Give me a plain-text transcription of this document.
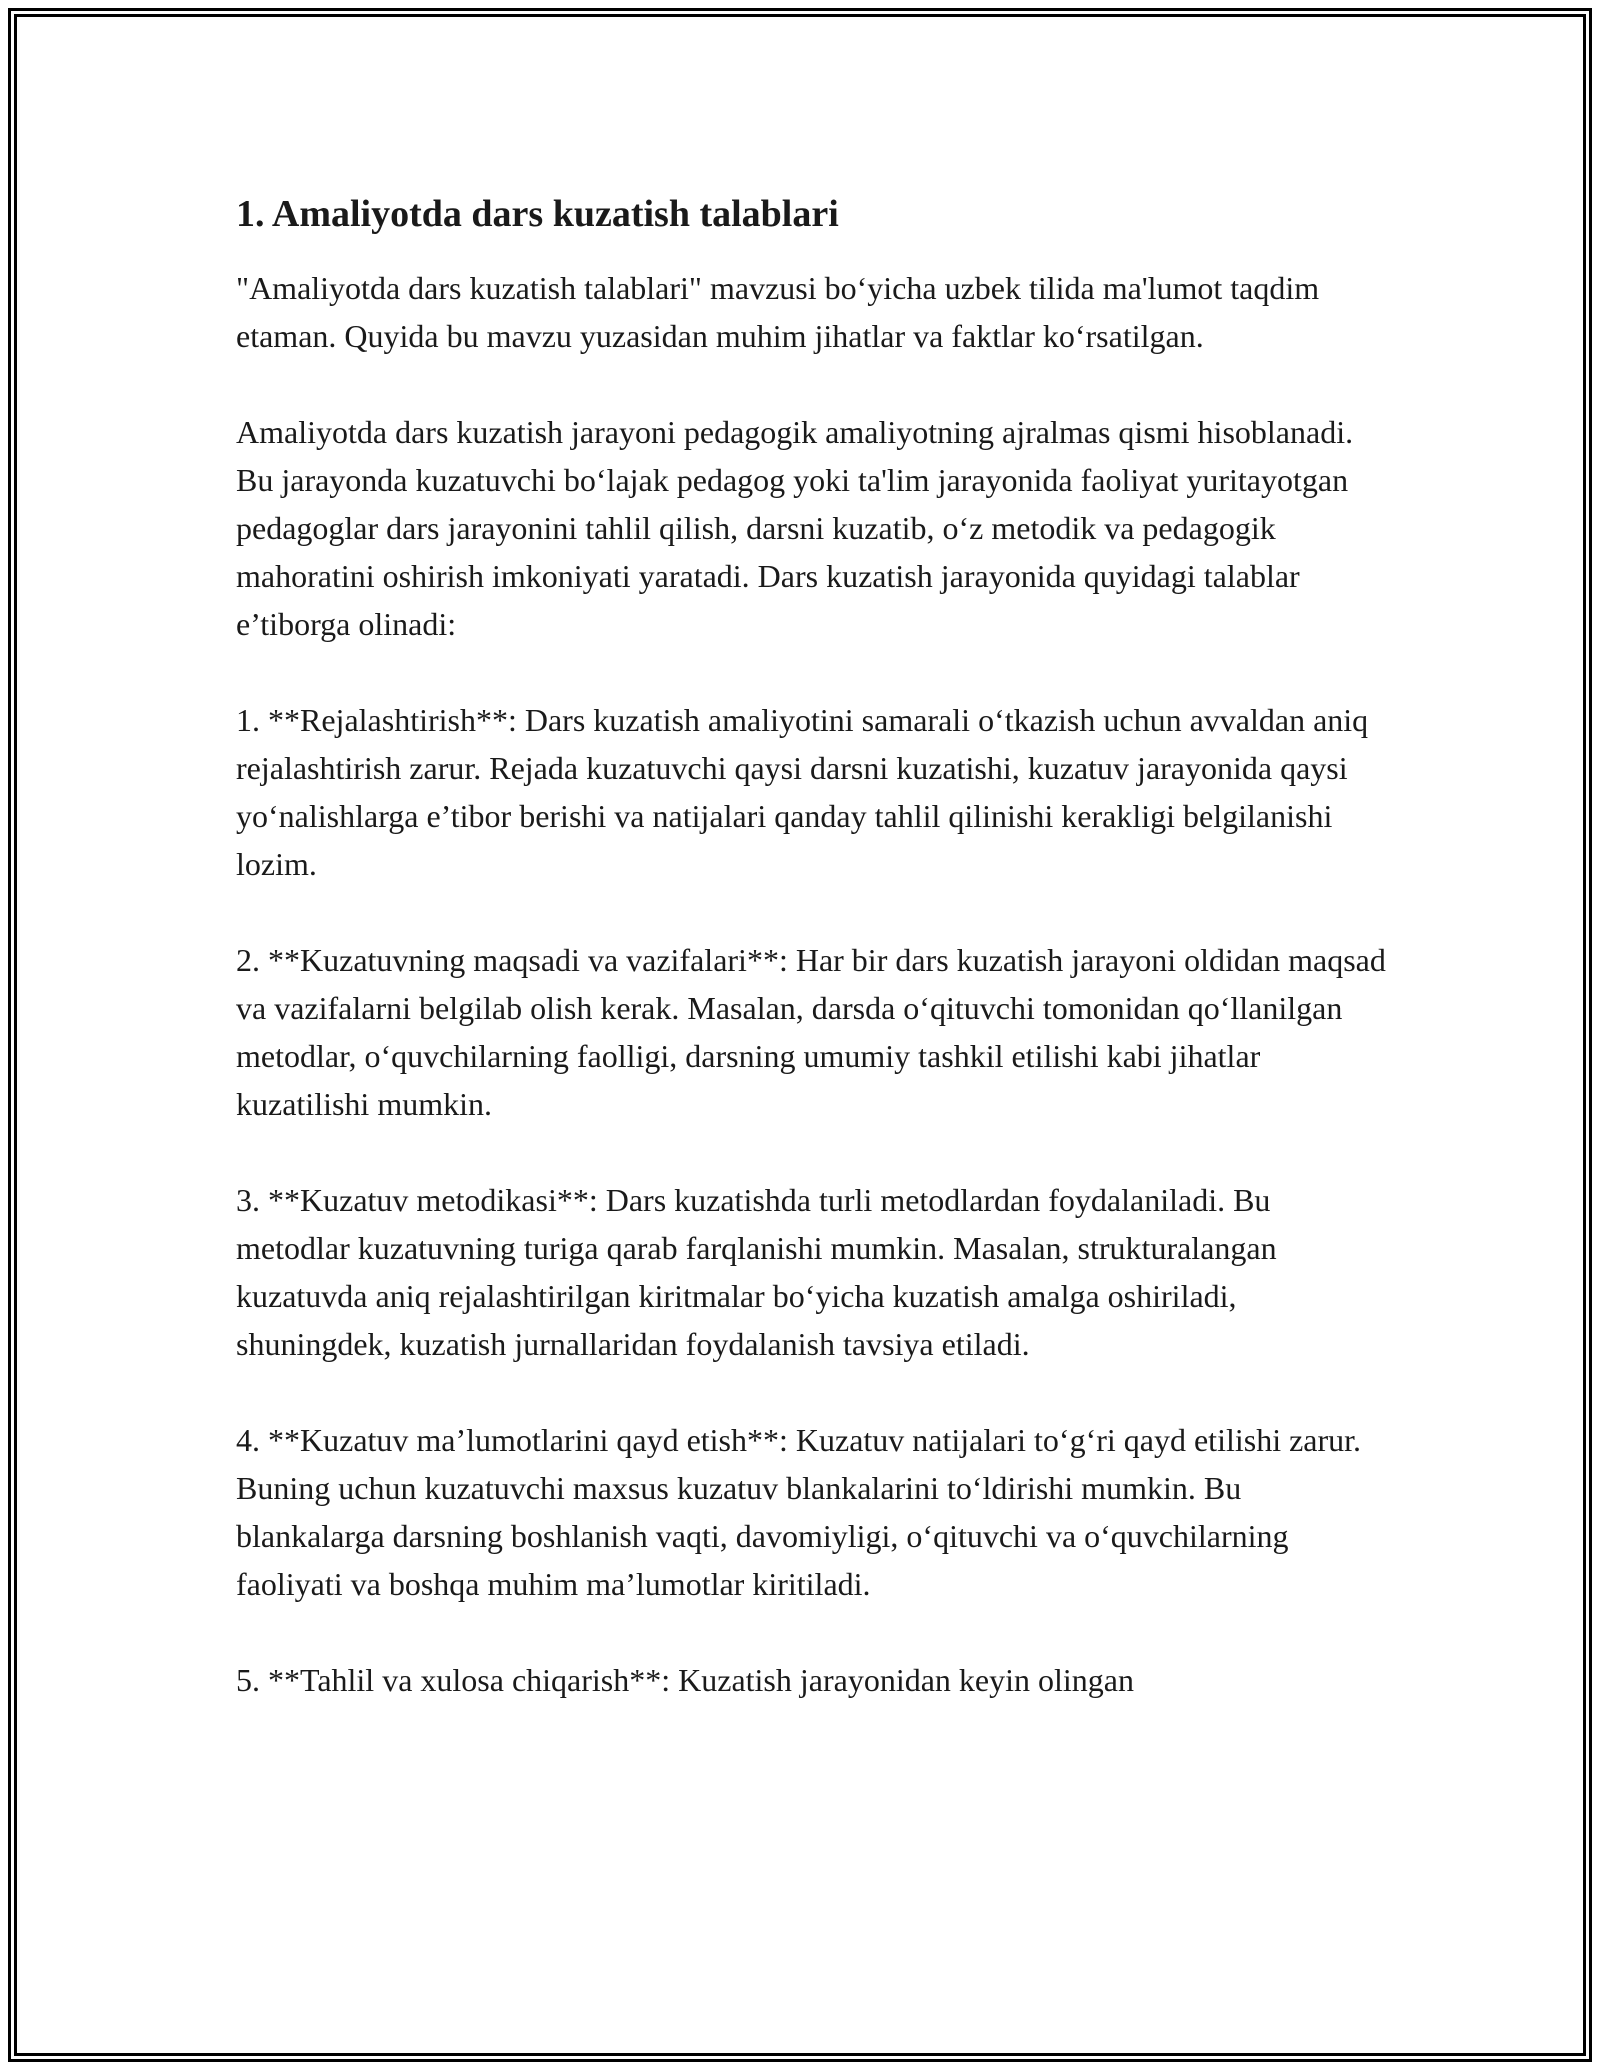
1. Amaliyotda dars kuzatish talablari

"Amaliyotda dars kuzatish talablari" mavzusi bo‘yicha uzbek tilida ma'lumot taqdim etaman. Quyida bu mavzu yuzasidan muhim jihatlar va faktlar ko‘rsatilgan.

Amaliyotda dars kuzatish jarayoni pedagogik amaliyotning ajralmas qismi hisoblanadi. Bu jarayonda kuzatuvchi bo‘lajak pedagog yoki ta'lim jarayonida faoliyat yuritayotgan pedagoglar dars jarayonini tahlil qilish, darsni kuzatib, o‘z metodik va pedagogik mahoratini oshirish imkoniyati yaratadi. Dars kuzatish jarayonida quyidagi talablar e’tiborga olinadi:

1. **Rejalashtirish**: Dars kuzatish amaliyotini samarali o‘tkazish uchun avvaldan aniq rejalashtirish zarur. Rejada kuzatuvchi qaysi darsni kuzatishi, kuzatuv jarayonida qaysi yo‘nalishlarga e’tibor berishi va natijalari qanday tahlil qilinishi kerakligi belgilanishi lozim.

2. **Kuzatuvning maqsadi va vazifalari**: Har bir dars kuzatish jarayoni oldidan maqsad va vazifalarni belgilab olish kerak. Masalan, darsda o‘qituvchi tomonidan qo‘llanilgan metodlar, o‘quvchilarning faolligi, darsning umumiy tashkil etilishi kabi jihatlar kuzatilishi mumkin.

3. **Kuzatuv metodikasi**: Dars kuzatishda turli metodlardan foydalaniladi. Bu metodlar kuzatuvning turiga qarab farqlanishi mumkin. Masalan, strukturalangan kuzatuvda aniq rejalashtirilgan kiritmalar bo‘yicha kuzatish amalga oshiriladi, shuningdek, kuzatish jurnallaridan foydalanish tavsiya etiladi.

4. **Kuzatuv ma’lumotlarini qayd etish**: Kuzatuv natijalari to‘g‘ri qayd etilishi zarur. Buning uchun kuzatuvchi maxsus kuzatuv blankalarini to‘ldirishi mumkin. Bu blankalarga darsning boshlanish vaqti, davomiyligi, o‘qituvchi va o‘quvchilarning faoliyati va boshqa muhim ma’lumotlar kiritiladi.

5. **Tahlil va xulosa chiqarish**: Kuzatish jarayonidan keyin olingan
